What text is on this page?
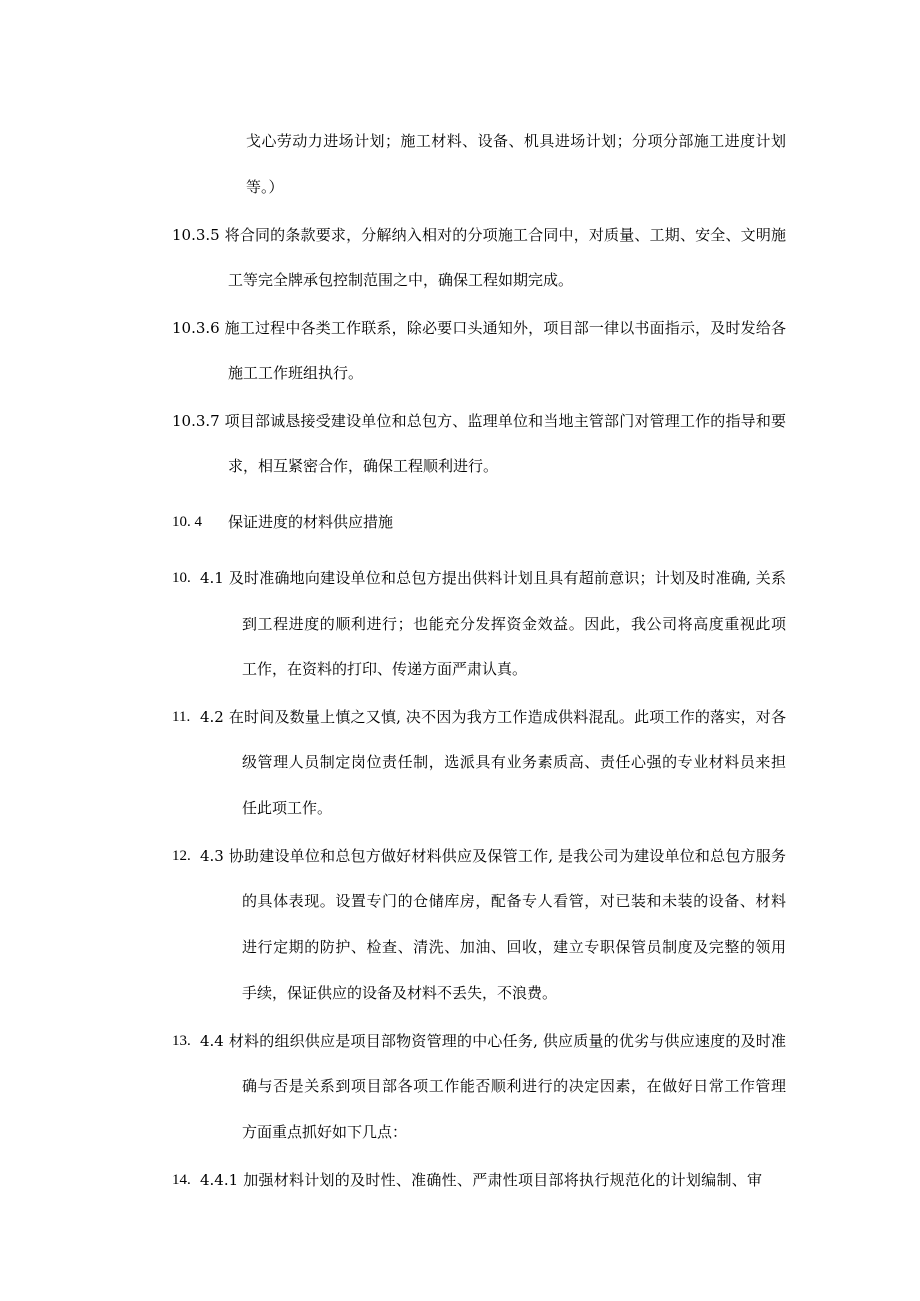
戈心劳动力进场计划；施工材料、设备、机具进场计划；分项分部施工进度计划
等。）
10.3.5 将合同的条款要求，分解纳入相对的分项施工合同中，对质量、工期、安全、文明施
工等完全牌承包控制范围之中，确保工程如期完成。
10.3.6 施工过程中各类工作联系，除必要口头通知外，项目部一律以书面指示，及时发给各
施工工作班组执行。
10.3.7 项目部诚恳接受建设单位和总包方、监理单位和当地主管部门对管理工作的指导和要
求，相互紧密合作，确保工程顺利进行。
10. 4 保证进度的材料供应措施
10. 4.1 及时准确地向建设单位和总包方提出供料计划且具有超前意识；计划及时准确, 关系
到工程进度的顺利进行；也能充分发挥资金效益。因此，我公司将高度重视此项
工作，在资料的打印、传递方面严肃认真。
11. 4.2 在时间及数量上慎之又慎, 决不因为我方工作造成供料混乱。此项工作的落实，对各
级管理人员制定岗位责任制，选派具有业务素质高、责任心强的专业材料员来担
任此项工作。
12. 4.3 协助建设单位和总包方做好材料供应及保管工作, 是我公司为建设单位和总包方服务
的具体表现。设置专门的仓储库房，配备专人看管，对已装和未装的设备、材料
进行定期的防护、检查、清洗、加油、回收，建立专职保管员制度及完整的领用
手续，保证供应的设备及材料不丢失，不浪费。
13. 4.4 材料的组织供应是项目部物资管理的中心任务, 供应质量的优劣与供应速度的及时准
确与否是关系到项目部各项工作能否顺利进行的决定因素，在做好日常工作管理
方面重点抓好如下几点：
14. 4.4.1 加强材料计划的及时性、准确性、严肃性项目部将执行规范化的计划编制、审
